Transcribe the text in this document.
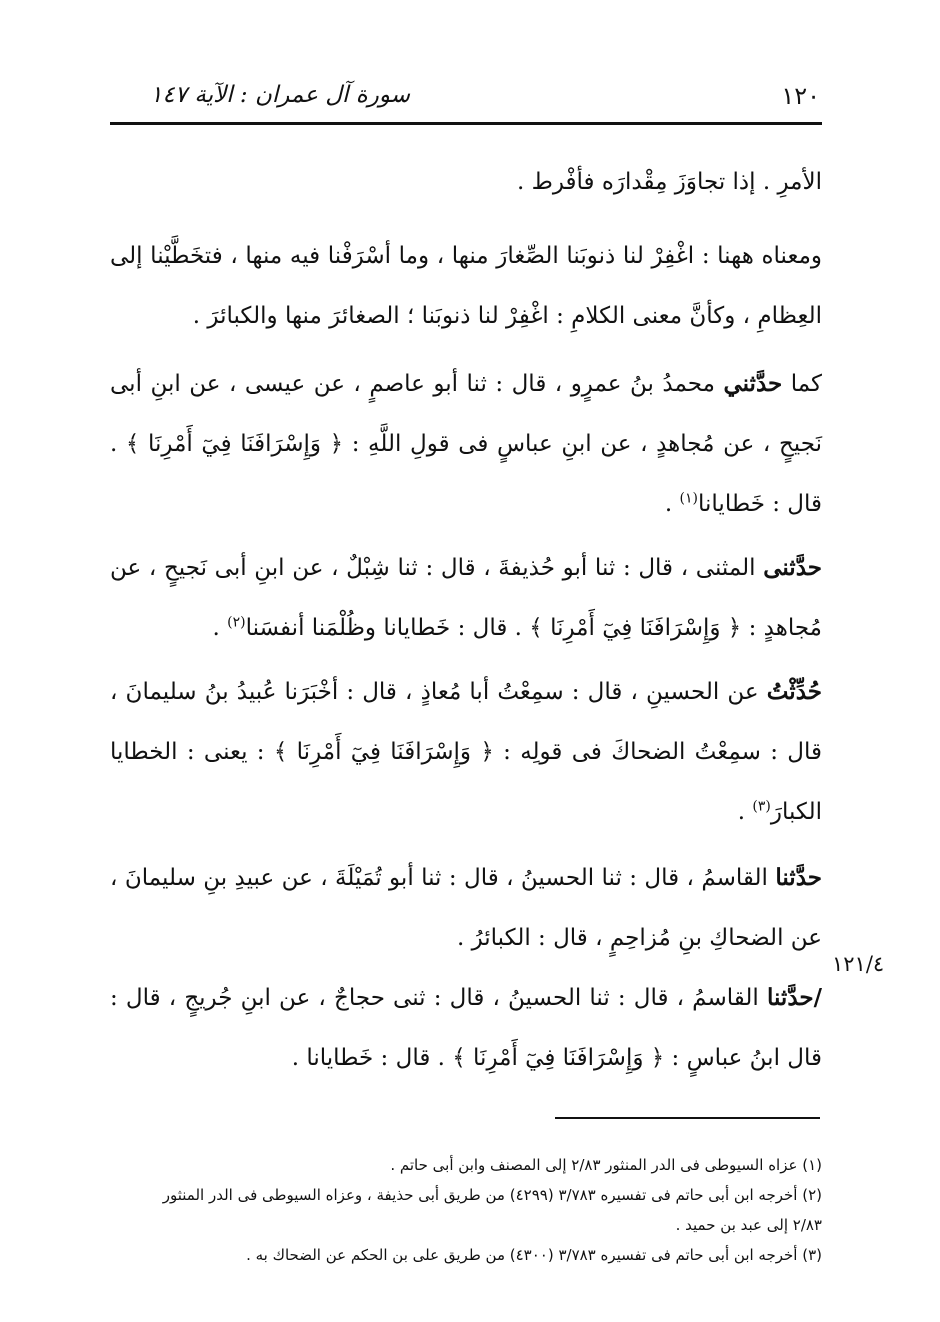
١٢٠
سورة آل عمران : الآية ١٤٧

الأمرِ . إذا تجاوَزَ مِقْدارَه فأفْرط .

ومعناه ههنا : اغْفِرْ لنا ذنوبَنا الصِّغارَ منها ، وما أسْرَفْنا فيه منها ، فتخَطَّيْنا إلى العِظامِ ، وكأنَّ معنى الكلامِ : اغْفِرْ لنا ذنوبَنا ؛ الصغائرَ منها والكبائرَ .

كما حدَّثني محمدُ بنُ عمرٍو ، قال : ثنا أبو عاصمٍ ، عن عيسى ، عن ابنِ أبى نَجيحٍ ، عن مُجاهدٍ ، عن ابنِ عباسٍ فى قولِ اللَّهِ : ﴿ وَإِسْرَافَنَا فِيٓ أَمْرِنَا ﴾ . قال : خَطايانا$^{(١)}$ .

حدَّثنى المثنى ، قال : ثنا أبو حُذيفةَ ، قال : ثنا شِبْلٌ ، عن ابنِ أبى نَجيحٍ ، عن مُجاهدٍ : ﴿ وَإِسْرَافَنَا فِيٓ أَمْرِنَا ﴾ . قال : خَطايانا وظُلْمَنا أنفسَنا$^{(٢)}$ .

حُدِّثْتُ عن الحسينِ ، قال : سمِعْتُ أبا مُعاذٍ ، قال : أخْبَرَنا عُبيدُ بنُ سليمانَ ، قال : سمِعْتُ الضحاكَ فى قولِه : ﴿ وَإِسْرَافَنَا فِيٓ أَمْرِنَا ﴾ : يعنى : الخطايا الكبارَ$^{(٣)}$ .

حدَّثنا القاسمُ ، قال : ثنا الحسينُ ، قال : ثنا أبو تُمَيْلَةَ ، عن عبيدِ بنِ سليمانَ ، عن الضحاكِ بنِ مُزاحِمٍ ، قال : الكبائرُ .

/حدَّثنا القاسمُ ، قال : ثنا الحسينُ ، قال : ثنى حجاجٌ ، عن ابنِ جُريجٍ ، قال : قال ابنُ عباسٍ : ﴿ وَإِسْرَافَنَا فِيٓ أَمْرِنَا ﴾ . قال : خَطايانا .

١٢١/٤

(١) عزاه السيوطى فى الدر المنثور ٢/٨٣ إلى المصنف وابن أبى حاتم .

(٢) أخرجه ابن أبى حاتم فى تفسيره ٣/٧٨٣ (٤٢٩٩) من طريق أبى حذيفة ، وعزاه السيوطى فى الدر المنثور

٢/٨٣ إلى عبد بن حميد .

(٣) أخرجه ابن أبى حاتم فى تفسيره ٣/٧٨٣ (٤٣٠٠) من طريق على بن الحكم عن الضحاك به .
